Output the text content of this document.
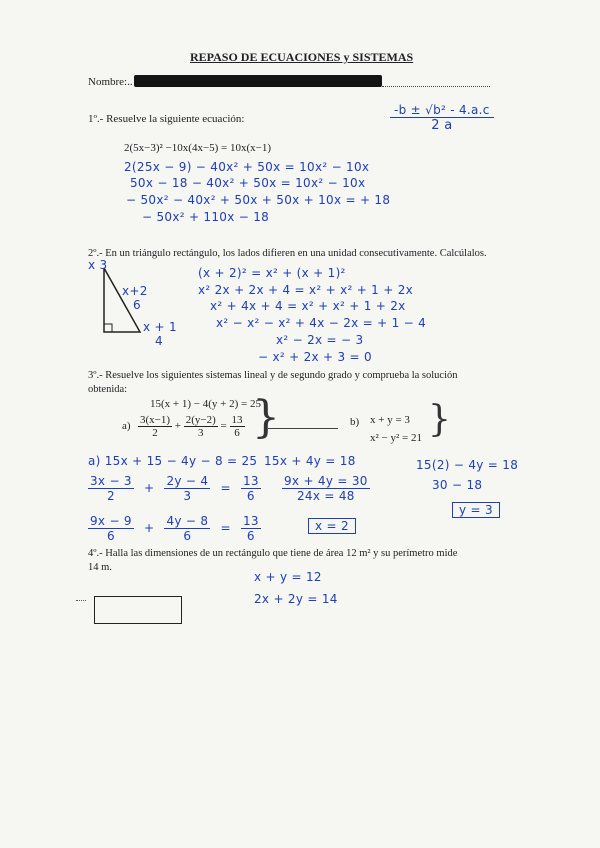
REPASO DE ECUACIONES y SISTEMAS
Nombre:..
$\frac{\text{-b ± √b² - 4.a.c}}{2 a}$
1º.- Resuelve la siguiente ecuación:
2(5x−3)² −10x(4x−5) = 10x(x−1)
2(25x − 9) − 40x² + 50x = 10x² − 10x
50x − 18 − 40x² + 50x = 10x² − 10x
− 50x² − 40x² + 50x + 50x + 10x = + 18
− 50x² + 110x − 18
2º.- En un triángulo rectángulo, los lados difieren en una unidad consecutivamente. Calcúlalos.
x 3
x+2
6
x + 1
4
(x + 2)² = x² + (x + 1)²
x² 2x + 2x + 4 = x² + x² + 1 + 2x
x² + 4x + 4 = x² + x² + 1 + 2x
x² − x² − x² + 4x − 2x = + 1 − 4
x² − 2x = − 3
− x² + 2x + 3 = 0
3º.- Resuelve los siguientes sistemas lineal y de segundo grado y comprueba la solución
obtenida:
15(x + 1) − 4(y + 2) = 25
$a) \frac{3(x-1)}{2} + \frac{2(y-2)}{3} = \frac{13}{6}$ }	b) x + y = 3
x² − y² = 21 }
a) 15x + 15 − 4y − 8 = 25 15x + 4y = 18	15(2) − 4y = 18
30 − 18
$\frac{3x - 3}{2} + \frac{2y - 4}{3} = \frac{13}{6} \frac{9x + 4y = 30}{24x = 48}$
x = 2
y = 3
$\frac{9x - 9}{6} + \frac{4y - 8}{6} = \frac{13}{6}$
4º.- Halla las dimensiones de un rectángulo que tiene de área 12 m² y su perímetro mide
14 m.
x + y = 12
2x + 2y = 14
